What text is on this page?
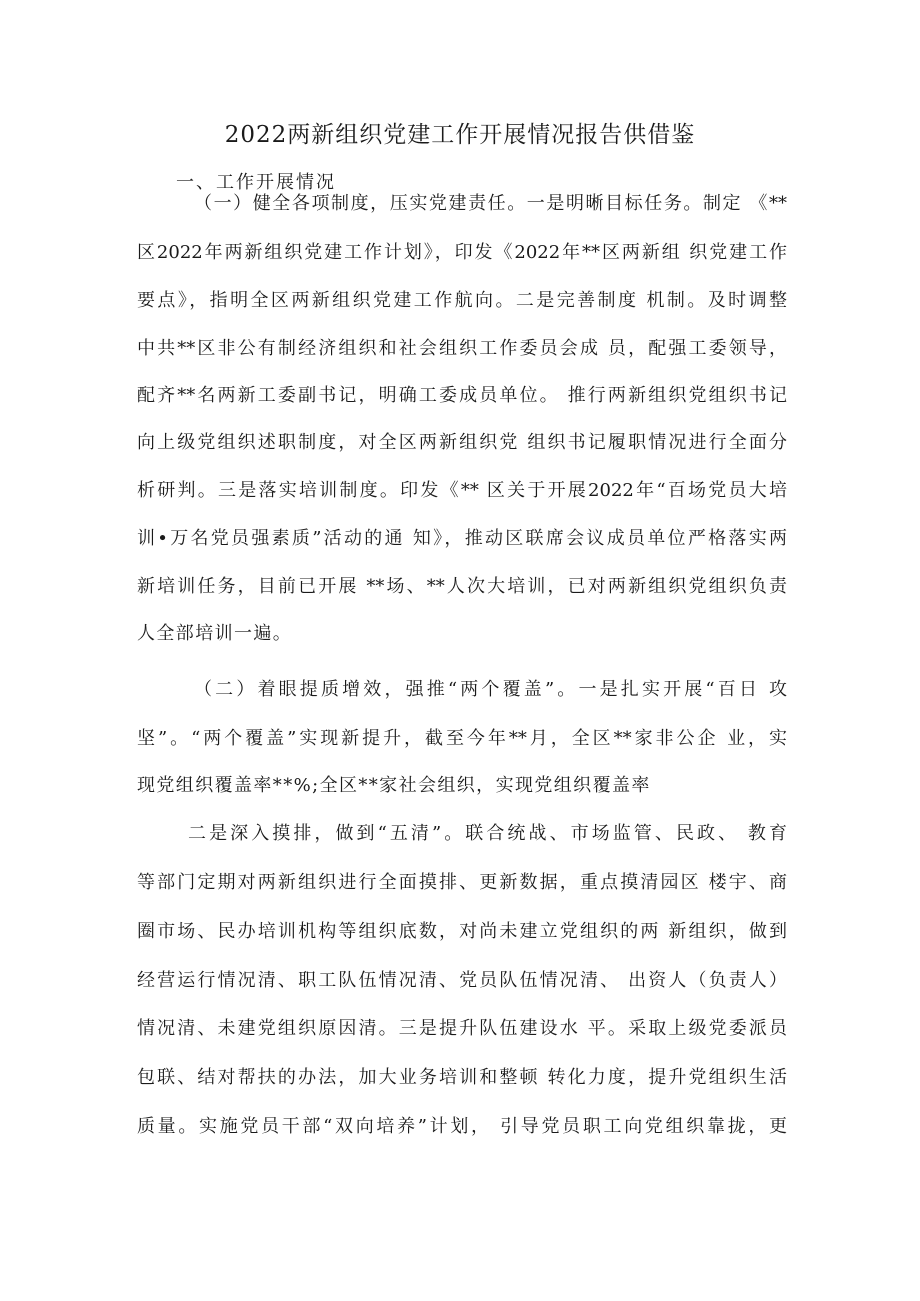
2022两新组织党建工作开展情况报告供借鉴
一、工作开展情况
（一）健全各项制度，压实党建责任。一是明晰目标任务。制定 《**
区2022年两新组织党建工作计划》，印发《2022年**区两新组 织党建工作
要点》，指明全区两新组织党建工作航向。二是完善制度 机制。及时调整
中共**区非公有制经济组织和社会组织工作委员会成 员，配强工委领导，
配齐**名两新工委副书记，明确工委成员单位。 推行两新组织党组织书记
向上级党组织述职制度，对全区两新组织党 组织书记履职情况进行全面分
析研判。三是落实培训制度。印发《** 区关于开展2022年“百场党员大培
训•万名党员强素质”活动的通 知》，推动区联席会议成员单位严格落实两
新培训任务，目前已开展 **场、**人次大培训，已对两新组织党组织负责
人全部培训一遍。
（二）着眼提质增效，强推“两个覆盖”。一是扎实开展“百日 攻
坚”。“两个覆盖”实现新提升，截至今年**月，全区**家非公企 业，实
现党组织覆盖率**%;全区**家社会组织，实现党组织覆盖率
二是深入摸排，做到“五清”。联合统战、市场监管、民政、 教育
等部门定期对两新组织进行全面摸排、更新数据，重点摸清园区 楼宇、商
圈市场、民办培训机构等组织底数，对尚未建立党组织的两 新组织，做到
经营运行情况清、职工队伍情况清、党员队伍情况清、 出资人（负责人）
情况清、未建党组织原因清。三是提升队伍建设水 平。采取上级党委派员
包联、结对帮扶的办法，加大业务培训和整顿 转化力度，提升党组织生活
质量。实施党员干部“双向培养”计划， 引导党员职工向党组织靠拢，更
